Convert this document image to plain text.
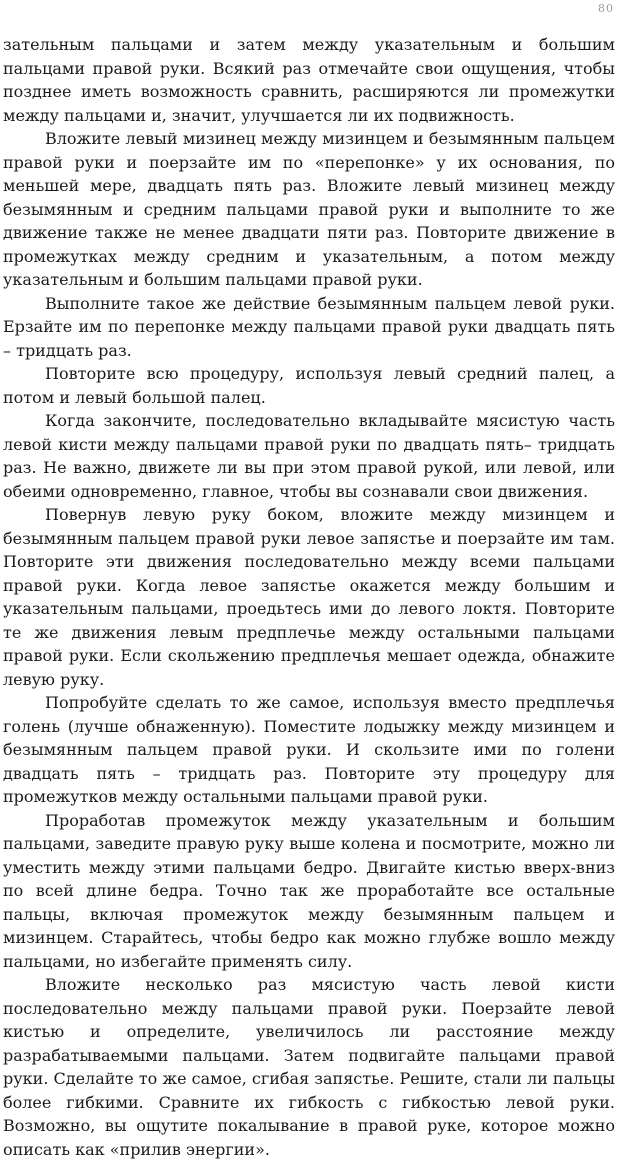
80

зательным пальцами и затем между указательным и большим пальцами правой руки. Всякий раз отмечайте свои ощущения, чтобы позднее иметь возможность сравнить, расширяются ли промежутки между пальцами и, значит, улучшается ли их подвижность.

Вложите левый мизинец между мизинцем и безымянным пальцем правой руки и поерзайте им по «перепонке» у их основания, по меньшей мере, двадцать пять раз. Вложите левый мизинец между безымянным и средним пальцами правой руки и выполните то же движение также не менее двадцати пяти раз. Повторите движение в промежутках между средним и указательным, а потом между указательным и большим пальцами правой руки.

Выполните такое же действие безымянным пальцем левой руки. Ерзайте им по перепонке между пальцами правой руки двадцать пять – тридцать раз.

Повторите всю процедуру, используя левый средний палец, а потом и левый большой палец.

Когда закончите, последовательно вкладывайте мясистую часть левой кисти между пальцами правой руки по двадцать пять– тридцать раз. Не важно, движете ли вы при этом правой рукой, или левой, или обеими одновременно, главное, чтобы вы сознавали свои движения.

Повернув левую руку боком, вложите между мизинцем и безымянным пальцем правой руки левое запястье и поерзайте им там. Повторите эти движения последовательно между всеми пальцами правой руки. Когда левое запястье окажется между большим и указательным пальцами, проедьтесь ими до левого локтя. Повторите те же движения левым предплечье между остальными пальцами правой руки. Если скольжению предплечья мешает одежда, обнажите левую руку.

Попробуйте сделать то же самое, используя вместо предплечья голень (лучше обнаженную). Поместите лодыжку между мизинцем и безымянным пальцем правой руки. И скользите ими по голени двадцать пять – тридцать раз. Повторите эту процедуру для промежутков между остальными пальцами правой руки.

Проработав промежуток между указательным и большим пальцами, заведите правую руку выше колена и посмотрите, можно ли уместить между этими пальцами бедро. Двигайте кистью вверх-вниз по всей длине бедра. Точно так же проработайте все остальные пальцы, включая промежуток между безымянным пальцем и мизинцем. Старайтесь, чтобы бедро как можно глубже вошло между пальцами, но избегайте применять силу.

Вложите несколько раз мясистую часть левой кисти последовательно между пальцами правой руки. Поерзайте левой кистью и определите, увеличилось ли расстояние между разрабатываемыми пальцами. Затем подвигайте пальцами правой руки. Сделайте то же самое, сгибая запястье. Решите, стали ли пальцы более гибкими. Сравните их гибкость с гибкостью левой руки. Возможно, вы ощутите покалывание в правой руке, которое можно описать как «прилив энергии».
